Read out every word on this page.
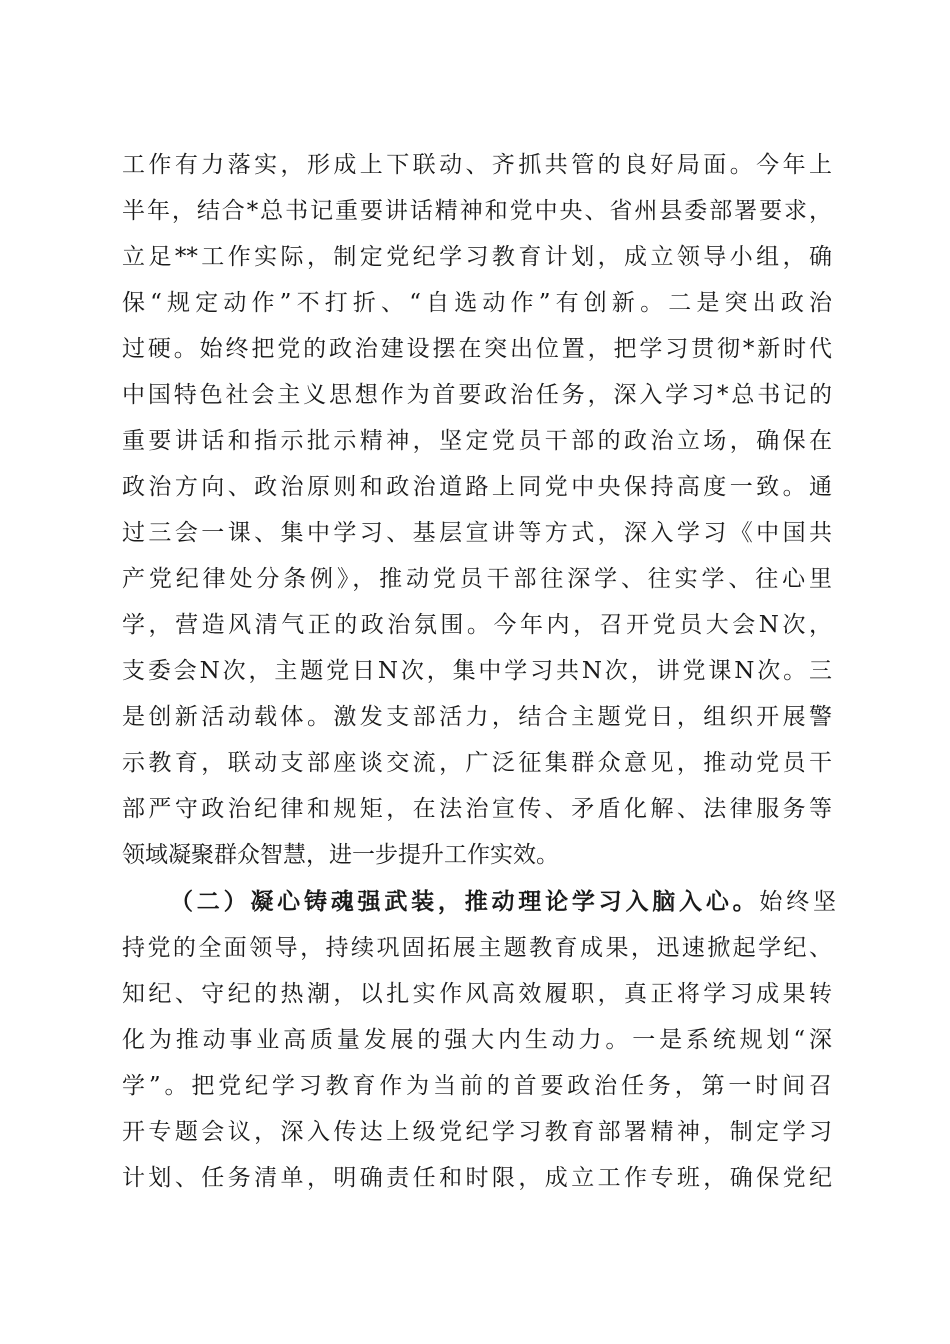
工作有力落实，形成上下联动、齐抓共管的良好局面。今年上
半年，结合*总书记重要讲话精神和党中央、省州县委部署要求，
立足**工作实际，制定党纪学习教育计划，成立领导小组，确
保“规定动作”不打折、“自选动作”有创新。二是突出政治
过硬。始终把党的政治建设摆在突出位置，把学习贯彻*新时代
中国特色社会主义思想作为首要政治任务，深入学习*总书记的
重要讲话和指示批示精神，坚定党员干部的政治立场，确保在
政治方向、政治原则和政治道路上同党中央保持高度一致。通
过三会一课、集中学习、基层宣讲等方式，深入学习《中国共
产党纪律处分条例》，推动党员干部往深学、往实学、往心里
学，营造风清气正的政治氛围。今年内，召开党员大会N次，
支委会N次，主题党日N次，集中学习共N次，讲党课N次。三
是创新活动载体。激发支部活力，结合主题党日，组织开展警
示教育，联动支部座谈交流，广泛征集群众意见，推动党员干
部严守政治纪律和规矩，在法治宣传、矛盾化解、法律服务等
领域凝聚群众智慧，进一步提升工作实效。
（二）凝心铸魂强武装，推动理论学习入脑入心。始终坚
持党的全面领导，持续巩固拓展主题教育成果，迅速掀起学纪、
知纪、守纪的热潮，以扎实作风高效履职，真正将学习成果转
化为推动事业高质量发展的强大内生动力。一是系统规划“深
学”。把党纪学习教育作为当前的首要政治任务，第一时间召
开专题会议，深入传达上级党纪学习教育部署精神，制定学习
计划、任务清单，明确责任和时限，成立工作专班，确保党纪
